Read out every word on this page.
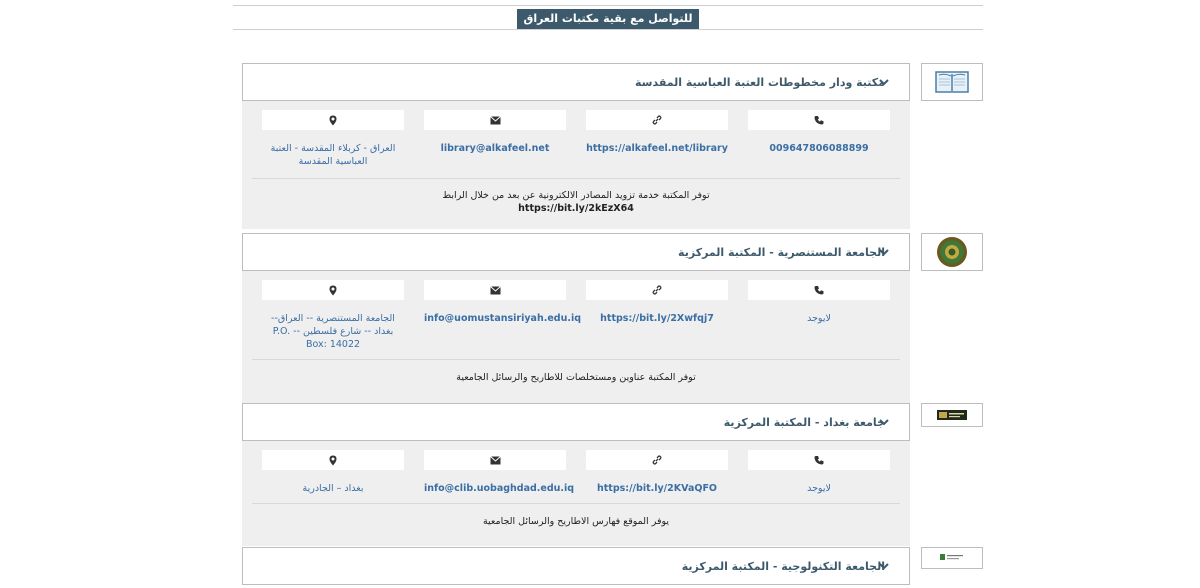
للتواصل مع بقية مكتبات العراق
مكتبة ودار مخطوطات العتبة العباسية المقدسة
009647806088899
https://alkafeel.net/library
library@alkafeel.net
العراق - كربلاء المقدسة - العتبة العباسية المقدسة
توفر المكتبة خدمة تزويد المصادر الالكترونية عن بعد من خلال الرابط
https://bit.ly/2kEzX64
الجامعة المستنصرية - المكتبة المركزية
لايوجد
https://bit.ly/2Xwfqj7
info@uomustansiriyah.edu.iq
الجامعة المستنصرية -- العراق-- بغداد -- شارع فلسطين -- P.O. Box: 14022
توفر المكتبة عناوين ومستخلصات للاطاريح والرسائل الجامعية
جامعة بغداد - المكتبة المركزية
لايوجد
https://bit.ly/2KVaQFO
info@clib.uobaghdad.edu.iq
بغداد – الجادرية
يوفر الموقع فهارس الاطاريح والرسائل الجامعية
الجامعة التكنولوجية - المكتبة المركزية
